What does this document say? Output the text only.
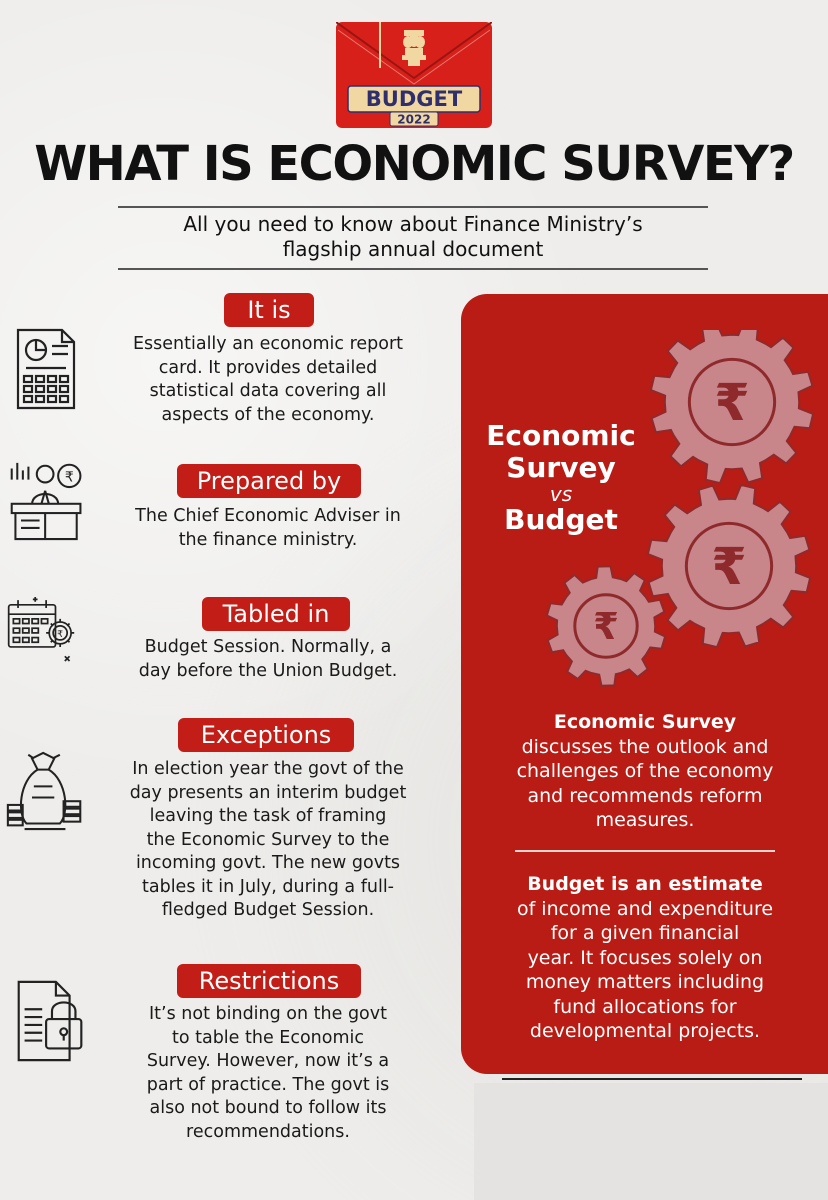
BUDGET
2022
WHAT IS ECONOMIC SURVEY?
All you need to know about Finance Ministry’s
flagship annual document
It is
Essentially an economic report
card. It provides detailed
statistical data covering all
aspects of the economy.
Prepared by
₹
The Chief Economic Adviser in
the finance ministry.
Tabled in
₹
Budget Session. Normally, a
day before the Union Budget.
Exceptions
In election year the govt of the
day presents an interim budget
leaving the task of framing
the Economic Survey to the
incoming govt. The new govts
tables it in July, during a full-
fledged Budget Session.
Restrictions
It’s not binding on the govt
to table the Economic
Survey. However, now it’s a
part of practice. The govt is
also not bound to follow its
recommendations.
₹
₹
₹
Economic
Survey
vs
Budget
Economic Survey
discusses the outlook and
challenges of the economy
and recommends reform
measures.
Budget is an estimate
of income and expenditure
for a given financial
year. It focuses solely on
money matters including
fund allocations for
developmental projects.
